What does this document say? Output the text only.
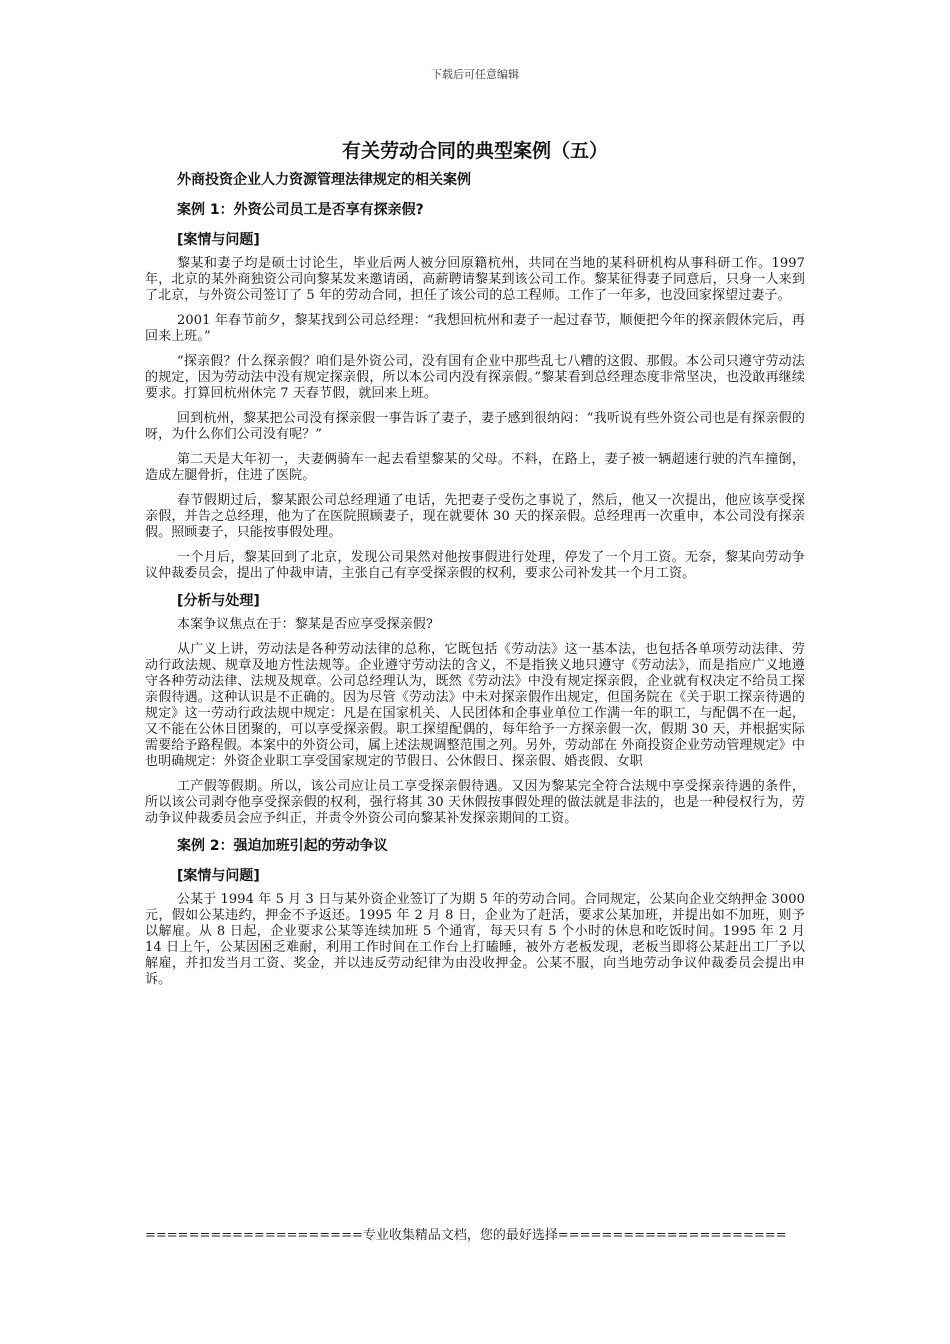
下载后可任意编辑
有关劳动合同的典型案例（五）
外商投资企业人力资源管理法律规定的相关案例
案例 1：外资公司员工是否享有探亲假?
[案情与问题]

黎某和妻子均是硕士讨论生，毕业后两人被分回原籍杭州，共同在当地的某科研机构从事科研工作。1997 年，北京的某外商独资公司向黎某发来邀请函，高薪聘请黎某到该公司工作。黎某征得妻子同意后，只身一人来到了北京，与外资公司签订了 5 年的劳动合同，担任了该公司的总工程师。工作了一年多，也没回家探望过妻子。

2001 年春节前夕，黎某找到公司总经理：“我想回杭州和妻子一起过春节，顺便把今年的探亲假休完后，再回来上班。”

“探亲假？什么探亲假？咱们是外资公司，没有国有企业中那些乱七八糟的这假、那假。本公司只遵守劳动法的规定，因为劳动法中没有规定探亲假，所以本公司内没有探亲假。”黎某看到总经理态度非常坚决，也没敢再继续要求。打算回杭州休完 7 天春节假，就回来上班。

回到杭州，黎某把公司没有探亲假一事告诉了妻子，妻子感到很纳闷：“我听说有些外资公司也是有探亲假的呀，为什么你们公司没有呢？”

第二天是大年初一，夫妻俩骑车一起去看望黎某的父母。不料，在路上，妻子被一辆超速行驶的汽车撞倒，造成左腿骨折，住进了医院。

春节假期过后，黎某跟公司总经理通了电话，先把妻子受伤之事说了，然后，他又一次提出，他应该享受探亲假，并告之总经理，他为了在医院照顾妻子，现在就要休 30 天的探亲假。总经理再一次重申，本公司没有探亲假。照顾妻子，只能按事假处理。

一个月后，黎某回到了北京，发现公司果然对他按事假进行处理，停发了一个月工资。无奈，黎某向劳动争议仲裁委员会，提出了仲裁申请，主张自己有享受探亲假的权利，要求公司补发其一个月工资。

[分析与处理]

本案争议焦点在于：黎某是否应享受探亲假?

从广义上讲，劳动法是各种劳动法律的总称，它既包括《劳动法》这一基本法，也包括各单项劳动法律、劳动行政法规、规章及地方性法规等。企业遵守劳动法的含义，不是指狭义地只遵守《劳动法》，而是指应广义地遵守各种劳动法律、法规及规章。公司总经理认为，既然《劳动法》中没有规定探亲假，企业就有权决定不给员工探亲假待遇。这种认识是不正确的。因为尽管《劳动法》中未对探亲假作出规定，但国务院在《关于职工探亲待遇的规定》这一劳动行政法规中规定：凡是在国家机关、人民团体和企事业单位工作满一年的职工，与配偶不在一起，又不能在公休日团聚的，可以享受探亲假。职工探望配偶的，每年给予一方探亲假一次，假期 30 天，并根据实际需要给予路程假。本案中的外资公司，属上述法规调整范围之列。另外，劳动部在 外商投资企业劳动管理规定》中也明确规定：外资企业职工享受国家规定的节假日、公休假日、探亲假、婚丧假、女职

工产假等假期。所以，该公司应让员工享受探亲假待遇。又因为黎某完全符合法规中享受探亲待遇的条件，所以该公司剥夺他享受探亲假的权利，强行将其 30 天休假按事假处理的做法就是非法的，也是一种侵权行为，劳动争议仲裁委员会应予纠正，并责令外资公司向黎某补发探亲期间的工资。

案例 2：强迫加班引起的劳动争议
[案情与问题]

公某于 1994 年 5 月 3 日与某外资企业签订了为期 5 年的劳动合同。合同规定，公某向企业交纳押金 3000 元，假如公某违约，押金不予返还。1995 年 2 月 8 日，企业为了赶活，要求公某加班，并提出如不加班，则予以解雇。从 8 日起，企业要求公某等连续加班 5 个通宵，每天只有 5 个小时的休息和吃饭时间。1995 年 2 月 14 日上午，公某因困乏难耐，利用工作时间在工作台上打瞌睡，被外方老板发现，老板当即将公某赶出工厂予以解雇，并扣发当月工资、奖金，并以违反劳动纪律为由没收押金。公某不服，向当地劳动争议仲裁委员会提出申诉。

====================专业收集精品文档，您的最好选择=====================
